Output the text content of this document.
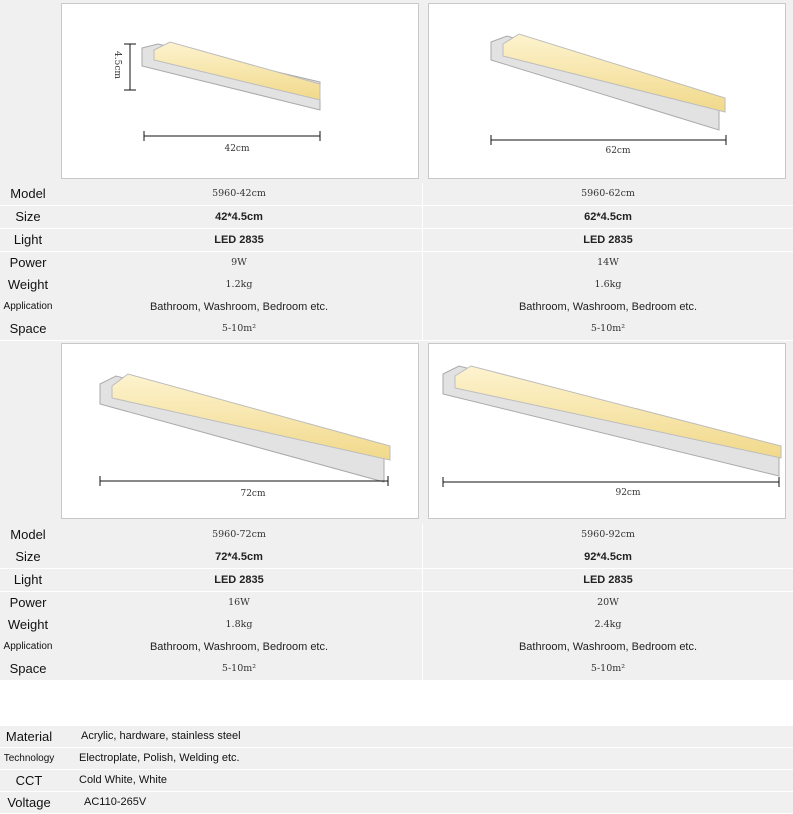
42cm
4.5cm
62cm
Model	5960-42cm	5960-62cm
Size	42*4.5cm	62*4.5cm
Light	LED 2835	LED 2835
Power	9W	14W
Weight	1.2kg	1.6kg
Application	Bathroom, Washroom, Bedroom etc.	Bathroom, Washroom, Bedroom etc.
Space	5-10m²	5-10m²
72cm	92cm
Model	5960-72cm	5960-92cm
Size	72*4.5cm	92*4.5cm
Light	LED 2835	LED 2835
Power	16W	20W
Weight	1.8kg	2.4kg
Application	Bathroom, Washroom, Bedroom etc.	Bathroom, Washroom, Bedroom etc.
Space	5-10m²	5-10m²
Material	Acrylic, hardware, stainless steel
Technology	Electroplate, Polish, Welding etc.
CCT	Cold White, White
Voltage	AC110-265V
